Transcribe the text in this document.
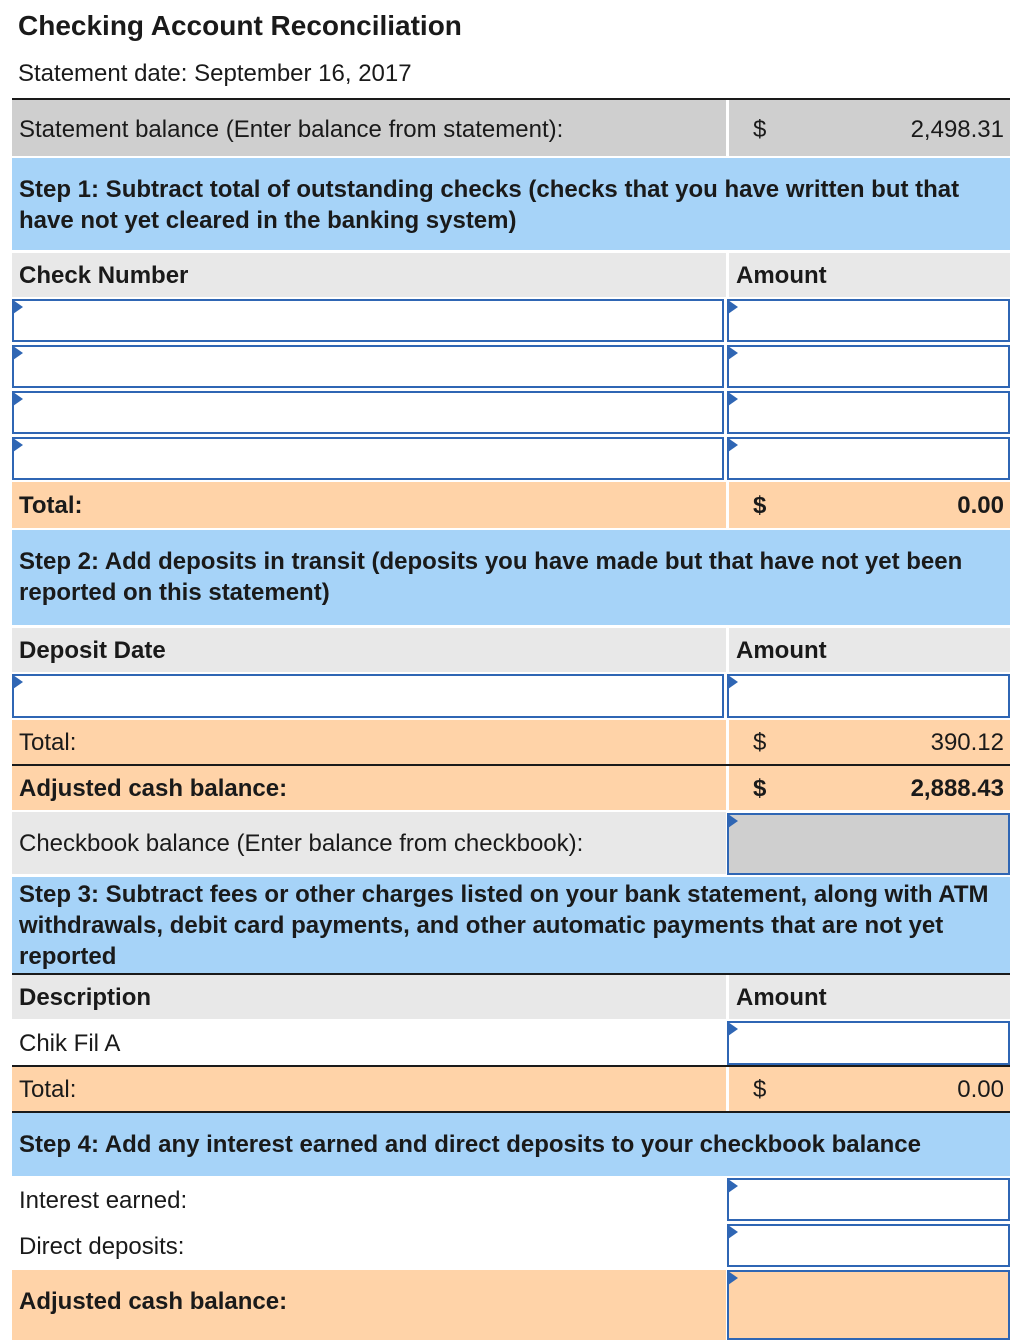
Checking Account Reconciliation
Statement date: September 16, 2017
Statement balance (Enter balance from statement):	$	2,498.31
Step 1: Subtract total of outstanding checks (checks that you have written but that have not yet cleared in the banking system)
Check Number	Amount
Total:	$	0.00
Step 2: Add deposits in transit (deposits you have made but that have not yet been reported on this statement)
Deposit Date	Amount
Total:	$	390.12
Adjusted cash balance:	$	2,888.43
Checkbook balance (Enter balance from checkbook):
Step 3: Subtract fees or other charges listed on your bank statement, along with ATM withdrawals, debit card payments, and other automatic payments that are not yet reported
Description	Amount
Chik Fil A
Total:	$	0.00
Step 4: Add any interest earned and direct deposits to your checkbook balance
Interest earned:
Direct deposits:
Adjusted cash balance:
